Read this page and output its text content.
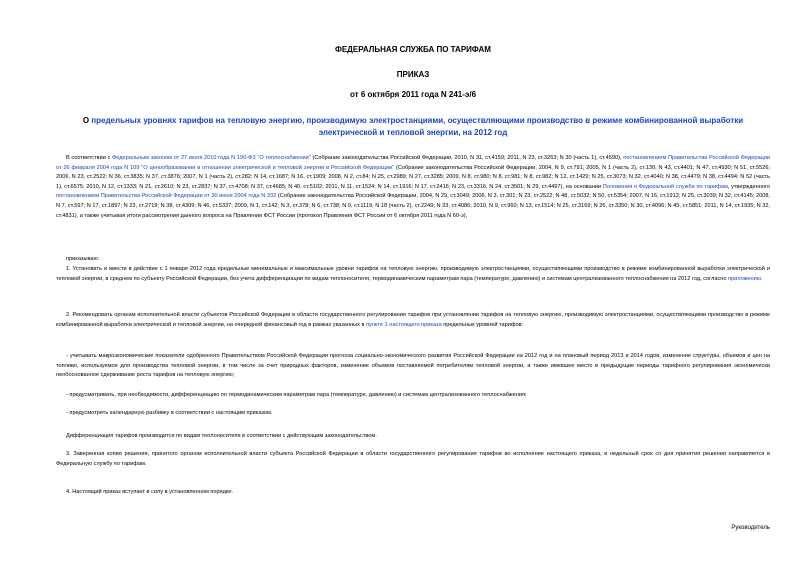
ФЕДЕРАЛЬНАЯ СЛУЖБА ПО ТАРИФАМ
ПРИКАЗ
от 6 октября 2011 года N 241-э/6
О предельных уровнях тарифов на тепловую энергию, производимую электростанциями, осуществляющими производство в режиме комбинированной выработки электрической и тепловой энергии, на 2012 год

В соответствии с Федеральным законом от 27 июля 2010 года N 190-ФЗ "О теплоснабжении" (Собрание законодательства Российской Федерации, 2010, N 31, ст.4159; 2011, N 23, ст.3263; N 30 (часть 1), ст.4590), постановлением Правительства Российской Федерации от 26 февраля 2004 года N 109 "О ценообразовании в отношении электрической и тепловой энергии в Российской Федерации" (Собрание законодательства Российской Федерации, 2004, N 9, ст.791; 2005, N 1 (часть 2), ст.130; N 43, ст.4401; N 47, ст.4930; N 51, ст.5526; 2006, N 23, ст.2522; N 36, ст.3835; N 37, ст.3876; 2007, N 1 (часть 2), ст.282; N 14, ст.1687; N 16, ст.1909; 2008, N 2, ст.84; N 25, ст.2989; N 27, ст.3285; 2009, N 8, ст.980; N 8, ст.981; N 8, ст.982; N 12, ст.1429; N 25, ст.3073; N 32, ст.4040; N 38, ст.4479; N 38, ст.4494; N 52 (часть 1), ст.6575; 2010, N 12, ст.1333; N 21, ст.2610; N 23, ст.2837; N 37, ст.4708; N 37, ст.4685; N 40, ст.5102; 2011, N 11, ст.1524; N 14, ст.1916; N 17, ст.2416; N 23, ст.3316; N 24, ст.3501; N 29, ст.4497), на основании Положения о Федеральной службе по тарифам, утвержденного постановлением Правительства Российской Федерации от 30 июня 2004 года N 332 (Собрание законодательства Российской Федерации, 2004, N 29, ст.3049; 2006, N 3, ст.301; N 23, ст.2522; N 48, ст.5032; N 50, ст.5354; 2007, N 16, ст.1912; N 25, ст.3039; N 32, ст.4145; 2008, N 7, ст.597; N 17, ст.1897; N 23, ст.2719; N 38, ст.4309; N 46, ст.5337; 2009, N 1, ст.142; N 3, ст.378; N 6, ст.738; N 9, ст.1119; N 18 (часть 2), ст.2249; N 33, ст.4086; 2010, N 9, ст.960; N 13, ст.1514; N 25, ст.3169; N 26, ст.3350; N 30, ст.4096; N 45, ст.5851; 2011, N 14, ст.1935; N 32, ст.4831), а также учитывая итоги рассмотрения данного вопроса на Правлении ФСТ России (протокол Правления ФСТ России от 6 октября 2011 года N 60-э),

приказываю:

1. Установить и ввести в действие с 1 января 2012 года предельные минимальные и максимальные уровни тарифов на тепловую энергию, производимую электростанциями, осуществляющими производство в режиме комбинированной выработки электрической и тепловой энергии, в среднем по субъекту Российской Федерации, без учета дифференциации по видам теплоносителя, термодинамическим параметрам пара (температуре, давлению) и системам централизованного теплоснабжения на 2012 год, согласно приложению.

2. Рекомендовать органам исполнительной власти субъектов Российской Федерации в области государственного регулирования тарифов при установлении тарифов на тепловую энергию, производимую электростанциями, осуществляющими производство в режиме комбинированной выработки электрической и тепловой энергии, на очередной финансовый год в рамках указанных в пункте 1 настоящего приказа предельных уровней тарифов:

- учитывать макроэкономические показатели одобренного Правительством Российской Федерации прогноза социально-экономического развития Российской Федерации на 2012 год и на плановый период 2013 и 2014 годов, изменение структуры, объемов и цен на топливо, используемое для производства тепловой энергии, в том числе за счет природных факторов, изменение объемов поставляемой потребителям тепловой энергии, а также имевшее место в предыдущие периоды тарифного регулирования экономически необоснованное сдерживание роста тарифов на тепловую энергию;

- предусматривать, при необходимости, дифференциацию по термодинамическим параметрам пара (температуре, давлению) и системам централизованного теплоснабжения;

- предусмотреть календарную разбивку в соответствии с настоящим приказом.

Дифференциация тарифов производится по видам теплоносителя в соответствии с действующим законодательством.

3. Заверенная копия решения, принятого органом исполнительной власти субъекта Российской Федерации в области государственного регулирования тарифов во исполнение настоящего приказа, в недельный срок со дня принятия решения направляется в Федеральную службу по тарифам.

4. Настоящий приказ вступает в силу в установленном порядке.

Руководитель
